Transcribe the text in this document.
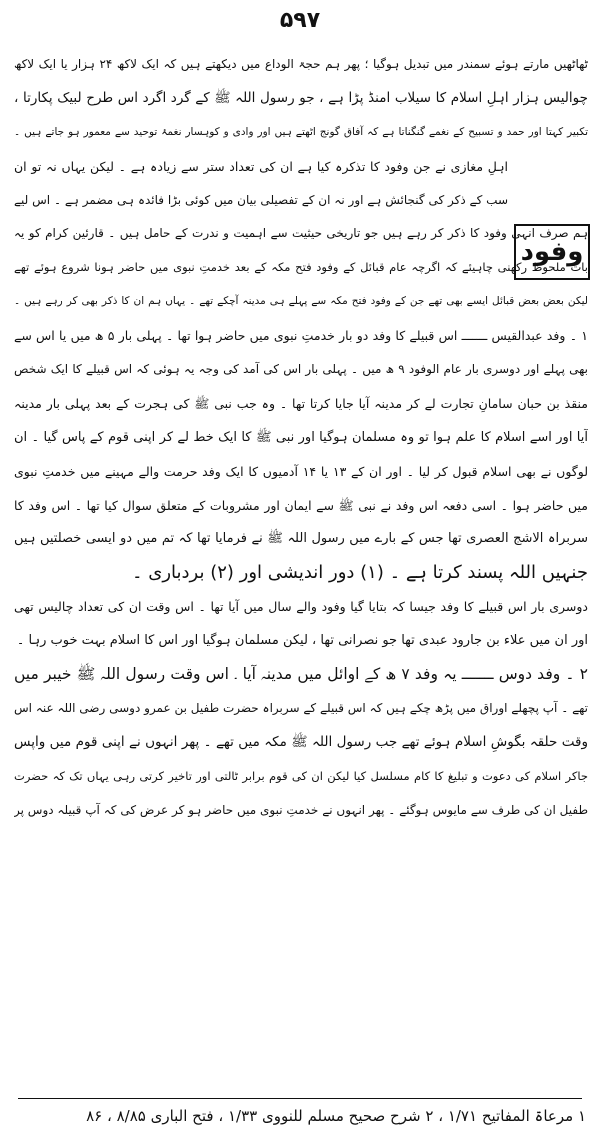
۵۹۷
وفود
ٹھاٹھیں مارتے ہوئے سمندر میں تبدیل ہوگیا ؛ پھر ہم حجۃ الوداع میں دیکھتے ہیں کہ ایک لاکھ ۲۴ ہزار یا ایک لاکھ
چوالیس ہزار اہلِ اسلام کا سیلاب امنڈ پڑا ہے ، جو رسول اللہ ﷺ کے گرد اگرد اس طرح لبیک پکارتا ،
تکبیر کہتا اور حمد و تسبیح کے نغمے گنگناتا ہے کہ آفاق گونج اٹھتے ہیں اور وادی و کوہسار نغمۂ توحید سے معمور ہو جاتے ہیں ۔
اہلِ مغازی نے جن وفود کا تذکرہ کیا ہے ان کی تعداد ستر سے زیادہ ہے ۔ لیکن یہاں نہ تو ان
سب کے ذکر کی گنجائش ہے اور نہ ان کے تفصیلی بیان میں کوئی بڑا فائدہ ہی مضمر ہے ۔ اس لیے
ہم صرف انہی وفود کا ذکر کر رہے ہیں جو تاریخی حیثیت سے اہمیت و ندرت کے حامل ہیں ۔ قارئین کرام کو یہ
بات ملحوظ رکھنی چاہیئے کہ اگرچہ عام قبائل کے وفود فتح مکہ کے بعد خدمتِ نبوی میں حاضر ہونا شروع ہوئے تھے
لیکن بعض بعض قبائل ایسے بھی تھے جن کے وفود فتح مکہ سے پہلے ہی مدینہ آچکے تھے ۔ یہاں ہم ان کا ذکر بھی کر رہے ہیں ۔
۱ ۔ وفد عبدالقیس ـــــــ اس قبیلے کا وفد دو بار خدمتِ نبوی میں حاضر ہوا تھا ۔ پہلی بار ۵ ھ میں یا اس سے
بھی پہلے اور دوسری بار عام الوفود ۹ ھ میں ۔ پہلی بار اس کی آمد کی وجہ یہ ہوئی کہ اس قبیلے کا ایک شخص
منقذ بن حبان سامانِ تجارت لے کر مدینہ آیا جایا کرتا تھا ۔ وہ جب نبی ﷺ کی ہجرت کے بعد پہلی بار مدینہ
آیا اور اسے اسلام کا علم ہوا تو وہ مسلمان ہوگیا اور نبی ﷺ کا ایک خط لے کر اپنی قوم کے پاس گیا ۔ ان
لوگوں نے بھی اسلام قبول کر لیا ۔ اور ان کے ۱۳ یا ۱۴ آدمیوں کا ایک وفد حرمت والے مہینے میں خدمتِ نبوی
میں حاضر ہوا ۔ اسی دفعہ اس وفد نے نبی ﷺ سے ایمان اور مشروبات کے متعلق سوال کیا تھا ۔ اس وفد کا
سربراہ الاشج العصری تھا جس کے بارے میں رسول اللہ ﷺ نے فرمایا تھا کہ تم میں دو ایسی خصلتیں ہیں
جنہیں اللہ پسند کرتا ہے ۔ (۱) دور اندیشی اور (۲) بردباری ۔
دوسری بار اس قبیلے کا وفد جیسا کہ بتایا گیا وفود والے سال میں آیا تھا ۔ اس وقت ان کی تعداد چالیس تھی
اور ان میں علاء بن جارود عبدی تھا جو نصرانی تھا ، لیکن مسلمان ہوگیا اور اس کا اسلام بہت خوب رہا ۔
۲ ۔ وفد دوس ـــــــ یہ وفد ۷ ھ کے اوائل میں مدینہ آیا ۔ اس وقت رسول اللہ ﷺ خیبر میں
تھے ۔ آپ پچھلے اوراق میں پڑھ چکے ہیں کہ اس قبیلے کے سربراہ حضرت طفیل بن عمرو دوسی رضی اللہ عنہ اس
وقت حلقہ بگوشِ اسلام ہوئے تھے جب رسول اللہ ﷺ مکہ میں تھے ۔ پھر انہوں نے اپنی قوم میں واپس
جاکر اسلام کی دعوت و تبلیغ کا کام مسلسل کیا لیکن ان کی قوم برابر ٹالتی اور تاخیر کرتی رہی یہاں تک کہ حضرت
طفیل ان کی طرف سے مایوس ہوگئے ۔ پھر انہوں نے خدمتِ نبوی میں حاضر ہو کر عرض کی کہ آپ قبیلہ دوس پر
۱ مرعاۃ المفاتیح ۱/۷۱ ، ۲ شرح صحیح مسلم للنووی ۱/۳۳ ، فتح الباری ۸/۸۵ ، ۸۶
